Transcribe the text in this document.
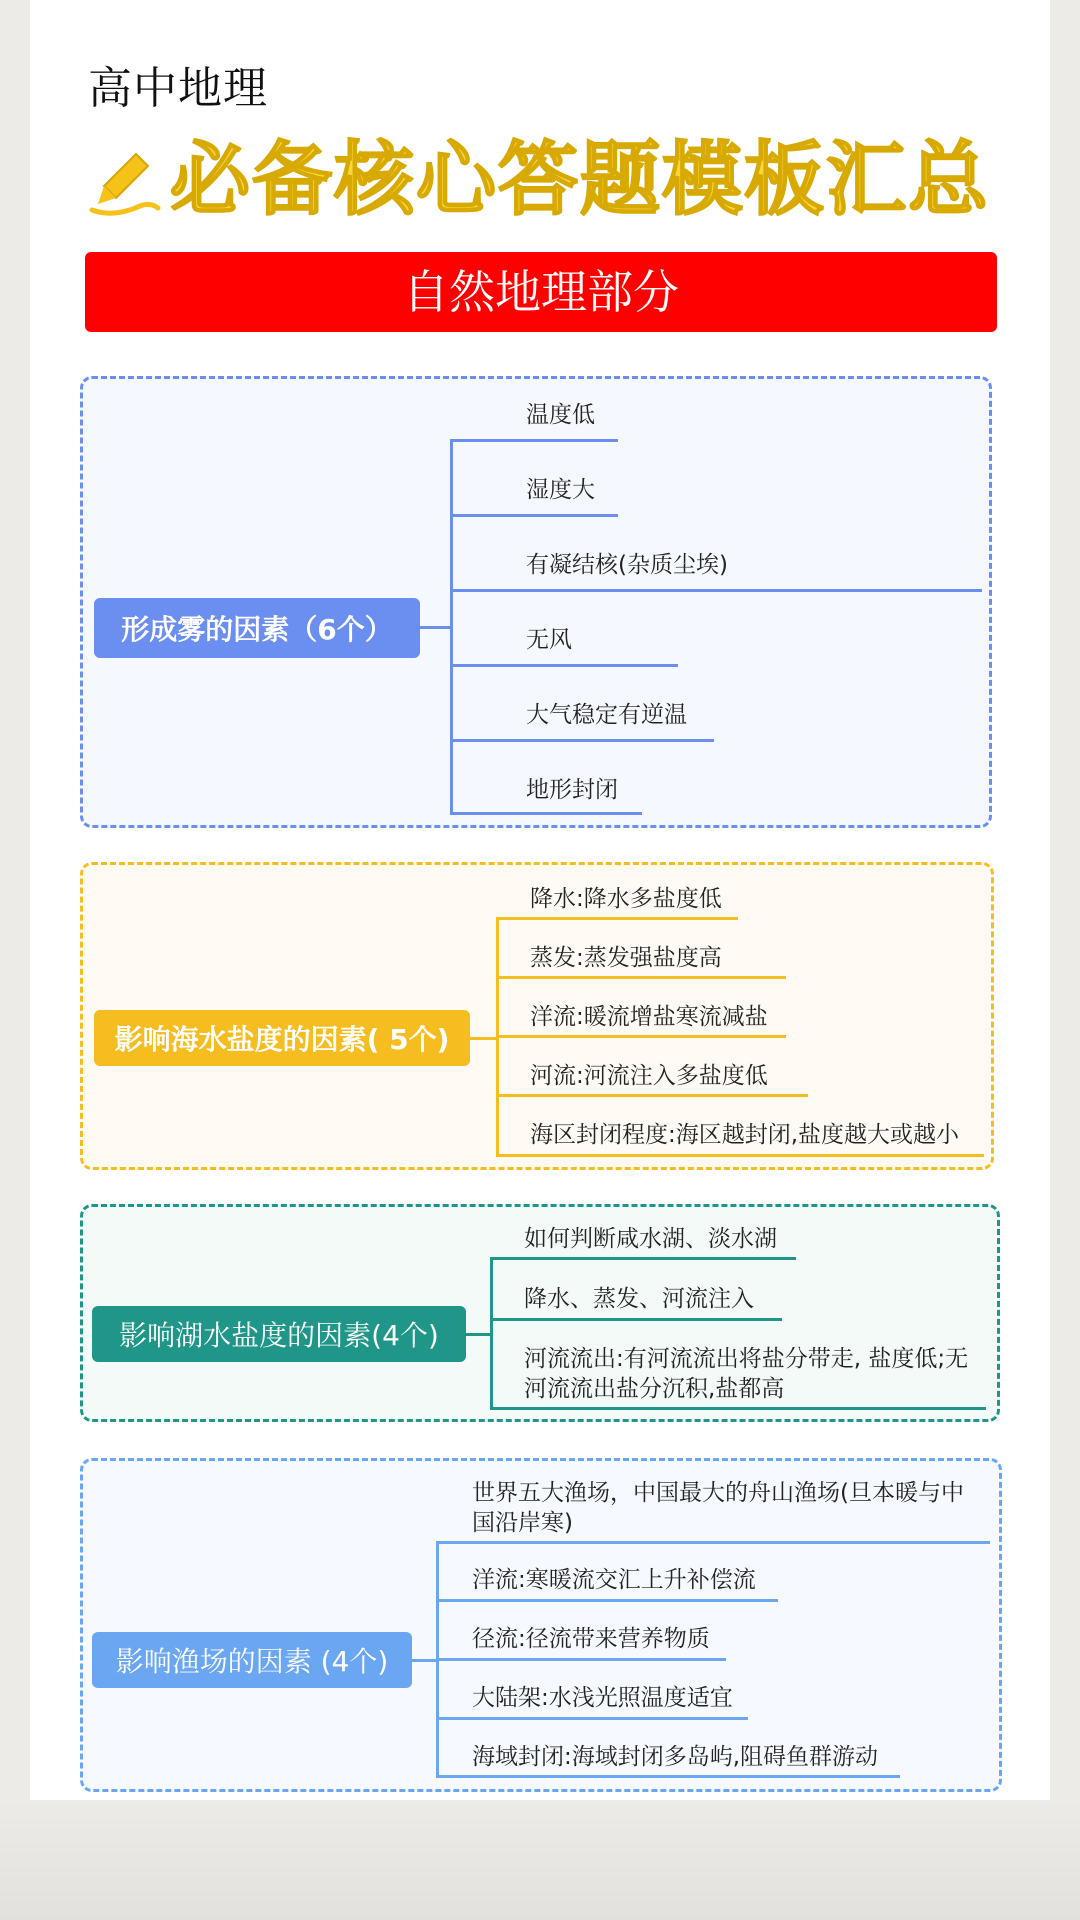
高中地理
必备核心答题模板汇总
自然地理部分
形成雾的因素（6个）
温度低
湿度大
有凝结核(杂质尘埃)
无风
大气稳定有逆温
地形封闭
影响海水盐度的因素( 5个)
降水:降水多盐度低
蒸发:蒸发强盐度高
洋流:暖流增盐寒流减盐
河流:河流注入多盐度低
海区封闭程度:海区越封闭,盐度越大或越小
影响湖水盐度的因素(4个)
如何判断咸水湖、淡水湖
降水、蒸发、河流注入
河流流出:有河流流出将盐分带走, 盐度低;无河流流出盐分沉积,盐都高
影响渔场的因素 (4个)
世界五大渔场，中国最大的舟山渔场(旦本暖与中国沿岸寒)
洋流:寒暖流交汇上升补偿流
径流:径流带来营养物质
大陆架:水浅光照温度适宜
海域封闭:海域封闭多岛屿,阻碍鱼群游动
